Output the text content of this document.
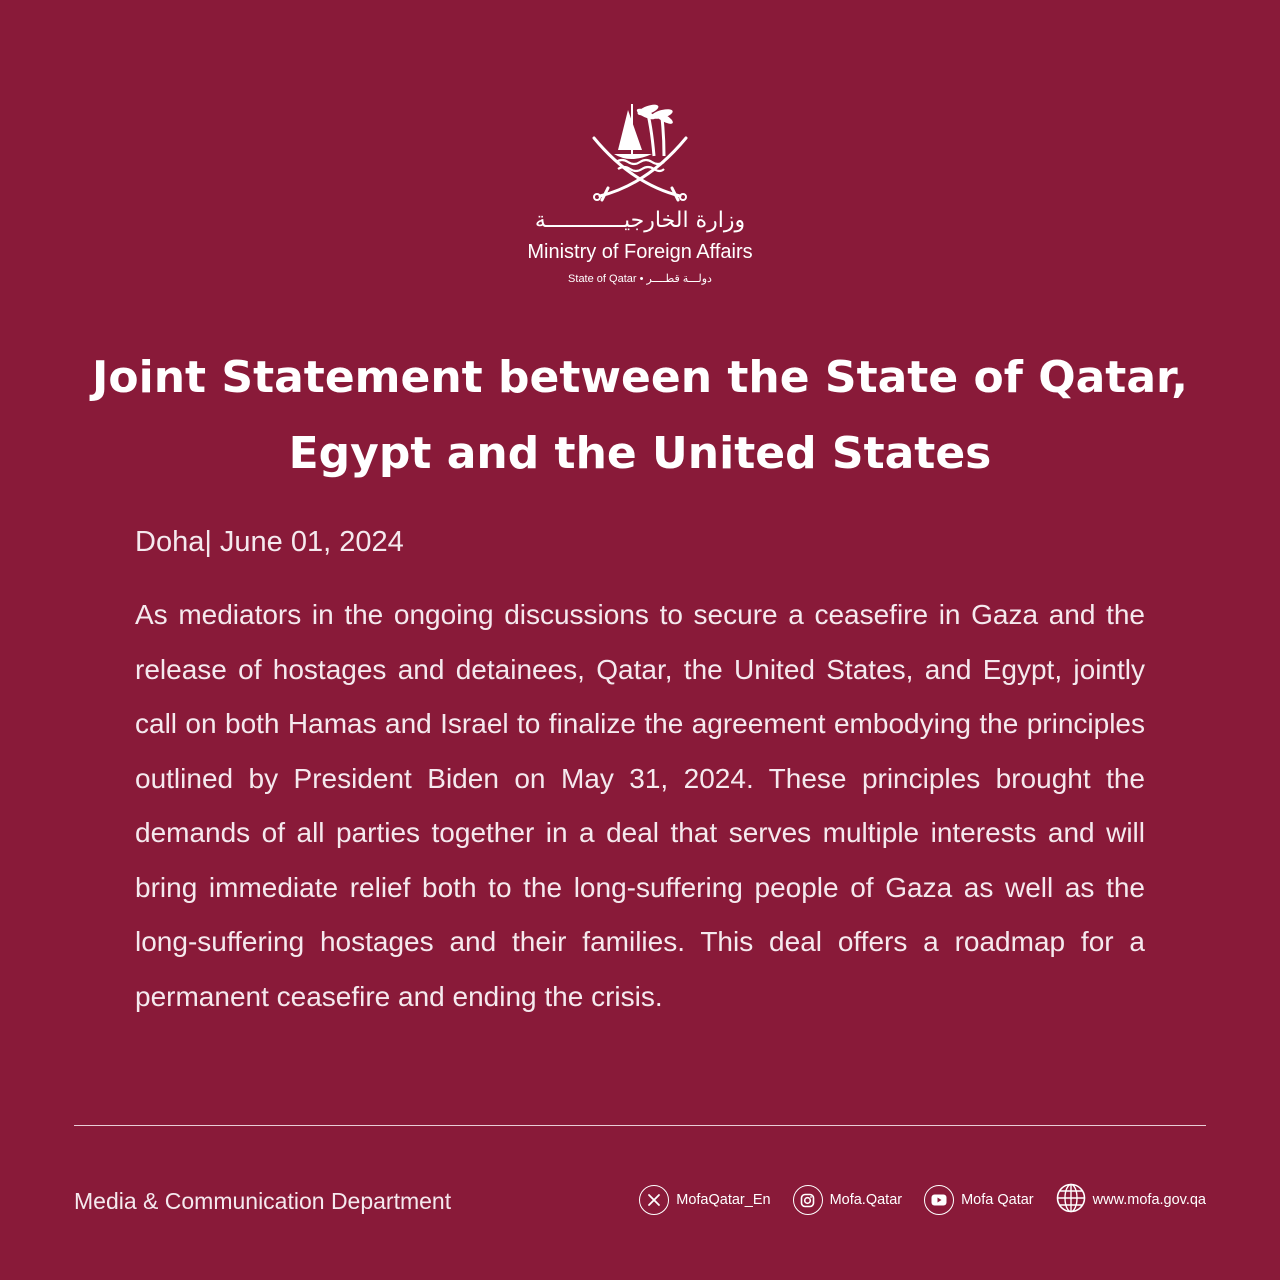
وزارة الخارجيــــــــــــة
Ministry of Foreign Affairs
State of Qatar • دولـــة قطــــر
Joint Statement between the State of Qatar, Egypt and the United States
Doha| June 01, 2024

As mediators in the ongoing discussions to secure a ceasefire in Gaza and the release of hostages and detainees, Qatar, the United States, and Egypt, jointly call on both Hamas and Israel to finalize the agreement embodying the principles outlined by President Biden on May 31, 2024. These principles brought the demands of all parties together in a deal that serves multiple interests and will bring immediate relief both to the long-suffering people of Gaza as well as the long-suffering hostages and their families. This deal offers a roadmap for a permanent ceasefire and ending the crisis.

Media & Communication Department	MofaQatar_En	Mofa.Qatar	Mofa Qatar	www.mofa.gov.qa
